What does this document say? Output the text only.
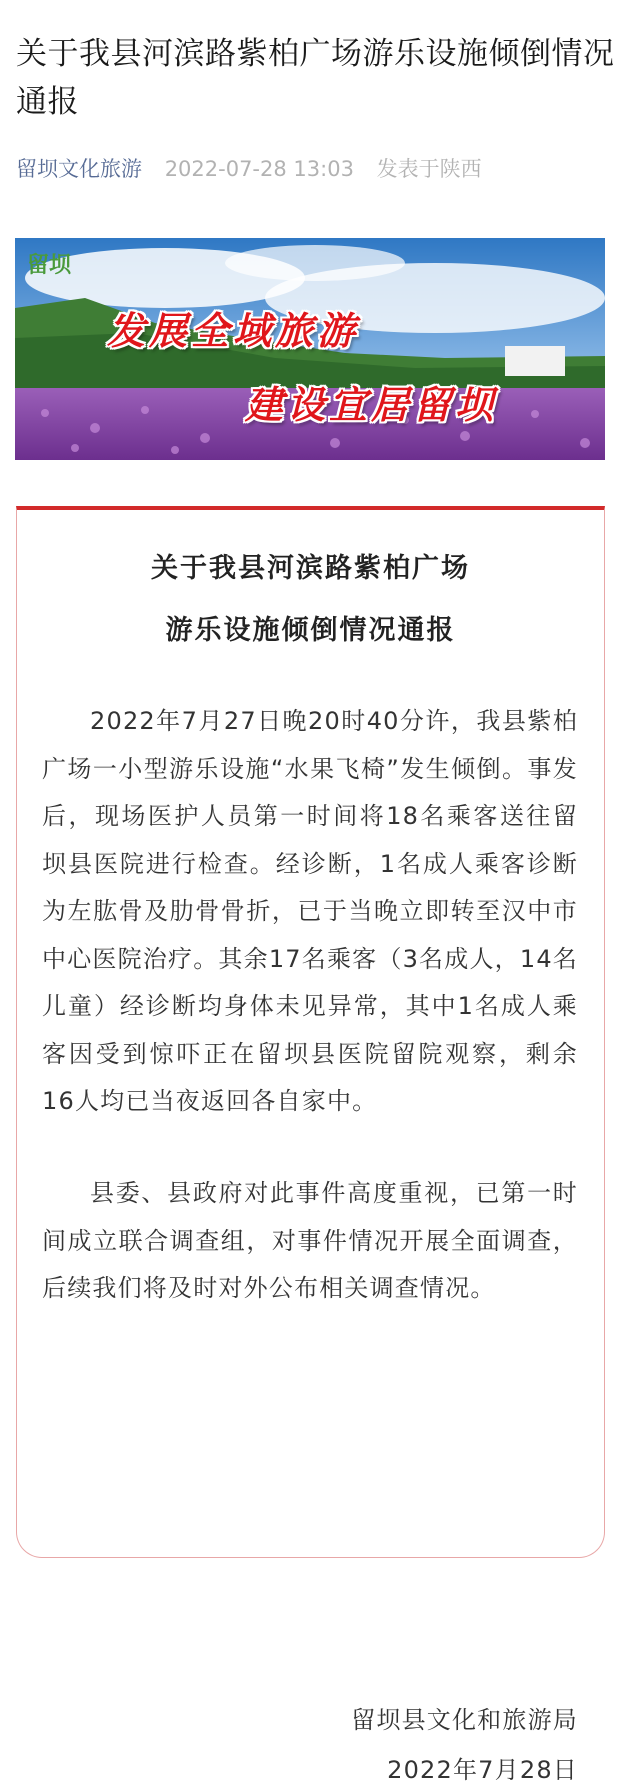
关于我县河滨路紫柏广场游乐设施倾倒情况通报
留坝文化旅游 2022-07-28 13:03 发表于陕西
留坝
发展全域旅游
建设宜居留坝
关于我县河滨路紫柏广场
游乐设施倾倒情况通报

2022年7月27日晚20时40分许，我县紫柏广场一小型游乐设施“水果飞椅”发生倾倒。事发后，现场医护人员第一时间将18名乘客送往留坝县医院进行检查。经诊断，1名成人乘客诊断为左肱骨及肋骨骨折，已于当晚立即转至汉中市中心医院治疗。其余17名乘客（3名成人，14名儿童）经诊断均身体未见异常，其中1名成人乘客因受到惊吓正在留坝县医院留院观察，剩余16人均已当夜返回各自家中。

县委、县政府对此事件高度重视，已第一时间成立联合调查组，对事件情况开展全面调查，后续我们将及时对外公布相关调查情况。

留坝县文化和旅游局
2022年7月28日
